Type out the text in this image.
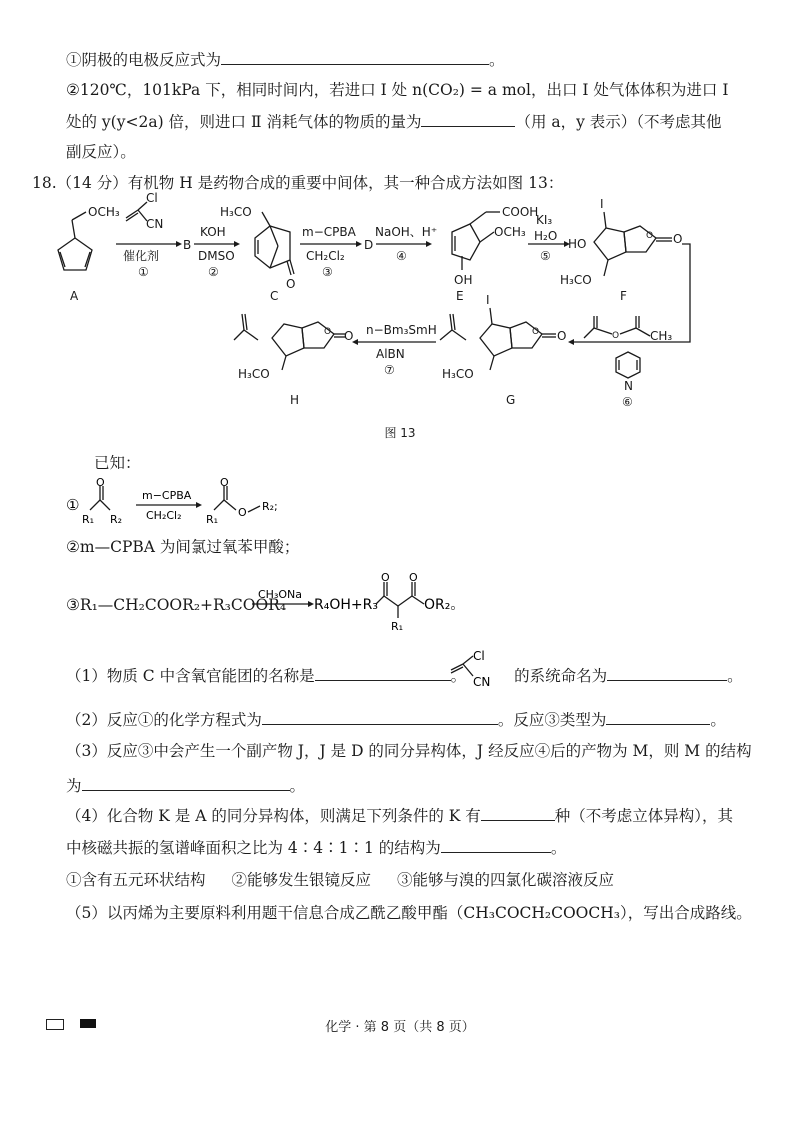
①阴极的电极反应式为	。
②120℃，101kPa 下，相同时间内，若进口 Ⅰ 处 n(CO₂) = a mol，出口 Ⅰ 处气体体积为进口 Ⅰ
处的 y(y<2a) 倍，则进口 Ⅱ 消耗气体的物质的量为	（用 a，y 表示）（不考虑其他
副反应）。
18.（14 分）有机物 H 是药物合成的重要中间体，其一种合成方法如图 13：
OCH₃
A
Cl
CN
催化剂
①
B
KOH
DMSO
②
O
H₃CO
C
m−CPBA
CH₂Cl₂
③
D
NaOH、H⁺
④
COOH
OCH₃
OH
E
KI₃
H₂O
⑤
HO
I
O
O
H₃CO
F
O	CH₃
N
⑥
I
O
O
H₃CO
G
n−Bm₃SmH
AlBN
⑦
O
O
H₃CO
H
图 13
已知：
①
O
R₁ R₂
m−CPBA
CH₂Cl₂
O
R₁
O R₂;
②m—CPBA 为间氯过氧苯甲酸；
③R₁—CH₂COOR₂+R₃COOR₄
CH₃ONa
R₄OH+R₃
O
R₁
O
OR₂。
（1）物质 C 中含氧官能团的名称是	。	的系统命名为	。
Cl
CN
（2）反应①的化学方程式为	。反应③类型为	。
（3）反应③中会产生一个副产物 J，J 是 D 的同分异构体，J 经反应④后的产物为 M，则 M 的结构
为	。
（4）化合物 K 是 A 的同分异构体，则满足下列条件的 K 有	种（不考虑立体异构），其
中核磁共振的氢谱峰面积之比为 4∶4∶1∶1 的结构为	。
①含有五元环状结构 ②能够发生银镜反应 ③能够与溴的四氯化碳溶液反应
（5）以丙烯为主要原料利用题干信息合成乙酰乙酸甲酯（CH₃COCH₂COOCH₃），写出合成路线。
化学 · 第 8 页（共 8 页）
